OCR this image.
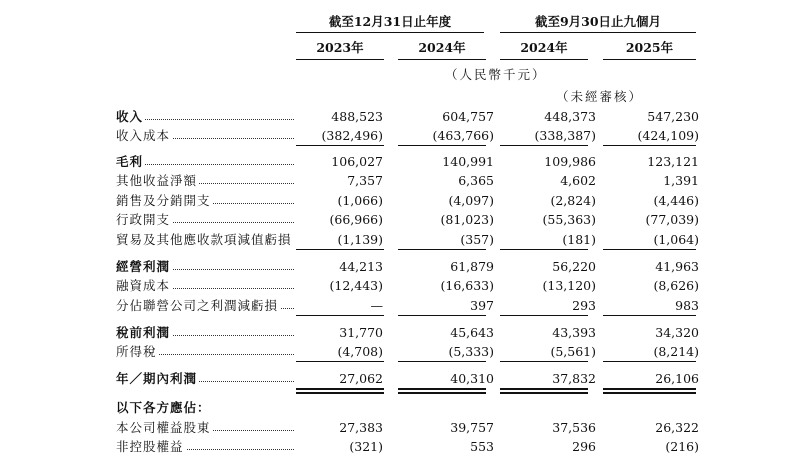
截至12月31日止年度	截至9月30日止九個月
2023年	2024年	2024年	2025年
（人民幣千元）
（未經審核）
收入	488,523	604,757	448,373	547,230
收入成本	(382,496)	(463,766)	(338,387)	(424,109)
毛利	106,027	140,991	109,986	123,121
其他收益淨額	7,357	6,365	4,602	1,391
銷售及分銷開支	(1,066)	(4,097)	(2,824)	(4,446)
行政開支	(66,966)	(81,023)	(55,363)	(77,039)
貿易及其他應收款項減值虧損	(1,139)	(357)	(181)	(1,064)
經營利潤	44,213	61,879	56,220	41,963
融資成本	(12,443)	(16,633)	(13,120)	(8,626)
分佔聯營公司之利潤減虧損	—	397	293	983
稅前利潤	31,770	45,643	43,393	34,320
所得稅	(4,708)	(5,333)	(5,561)	(8,214)
年／期內利潤	27,062	40,310	37,832	26,106
本公司權益股東	27,383	39,757	37,536	26,322
非控股權益	(321)	553	296	(216)
以下各方應佔：
